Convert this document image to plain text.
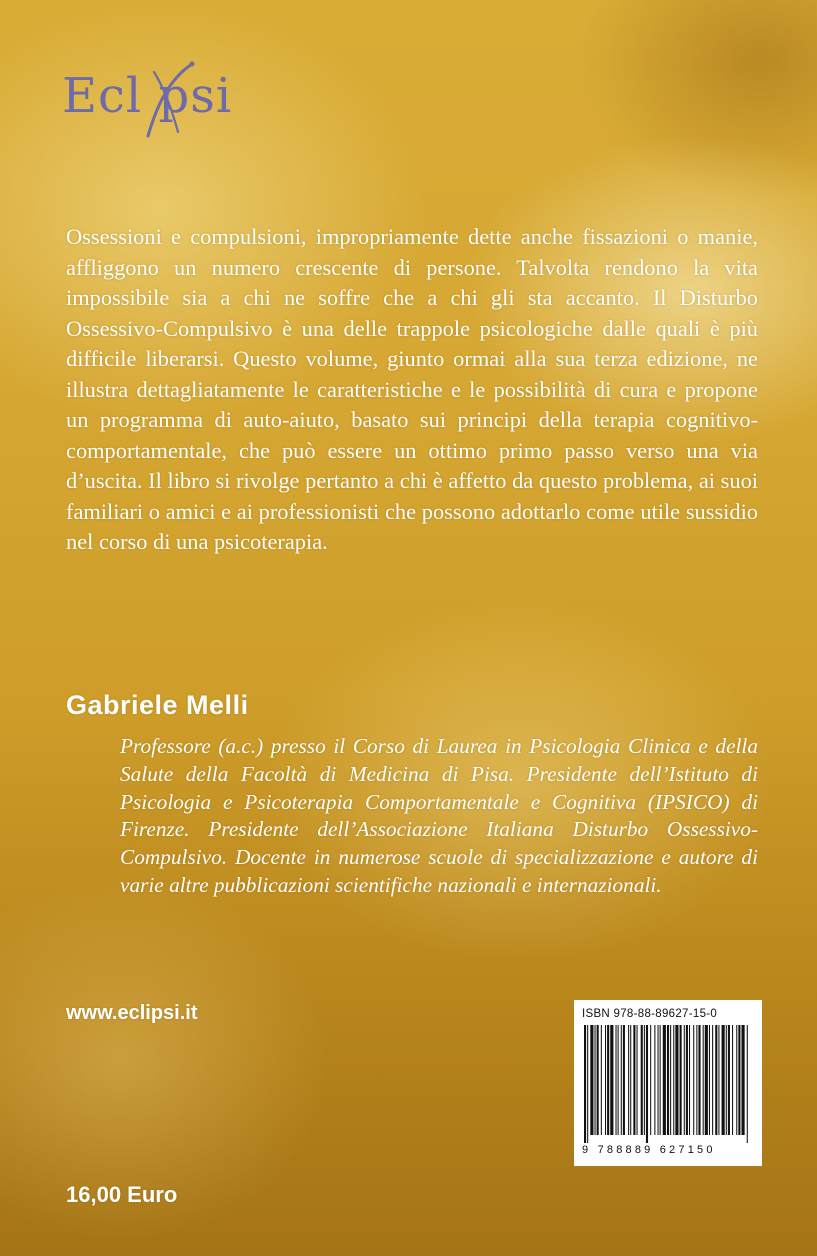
Ecl psi

Ossessioni e compulsioni, impropriamente dette anche fissazioni o manie, affliggono un numero crescente di persone. Talvolta rendono la vita impossibile sia a chi ne soffre che a chi gli sta accanto. Il Disturbo Ossessivo-Compulsivo è una delle trappole psicologiche dalle quali è più difficile liberarsi. Questo volume, giunto ormai alla sua terza edizione, ne illustra dettagliatamente le caratteristiche e le possibilità di cura e propone un programma di auto-aiuto, basato sui principi della terapia cognitivo-comportamentale, che può essere un ottimo primo passo verso una via d’uscita. Il libro si rivolge pertanto a chi è affetto da questo problema, ai suoi familiari o amici e ai professionisti che possono adottarlo come utile sussidio nel corso di una psicoterapia.

Gabriele Melli

Professore (a.c.) presso il Corso di Laurea in Psicologia Clinica e della Salute della Facoltà di Medicina di Pisa. Presidente dell’Istituto di Psicologia e Psicoterapia Comportamentale e Cognitiva (IPSICO) di Firenze. Presidente dell’Associazione Italiana Disturbo Ossessivo-Compulsivo. Docente in numerose scuole di specializzazione e autore di varie altre pubblicazioni scientifiche nazionali e internazionali.

www.eclipsi.it
16,00 Euro
ISBN 978-88-89627-15-0
9 788889 627150
